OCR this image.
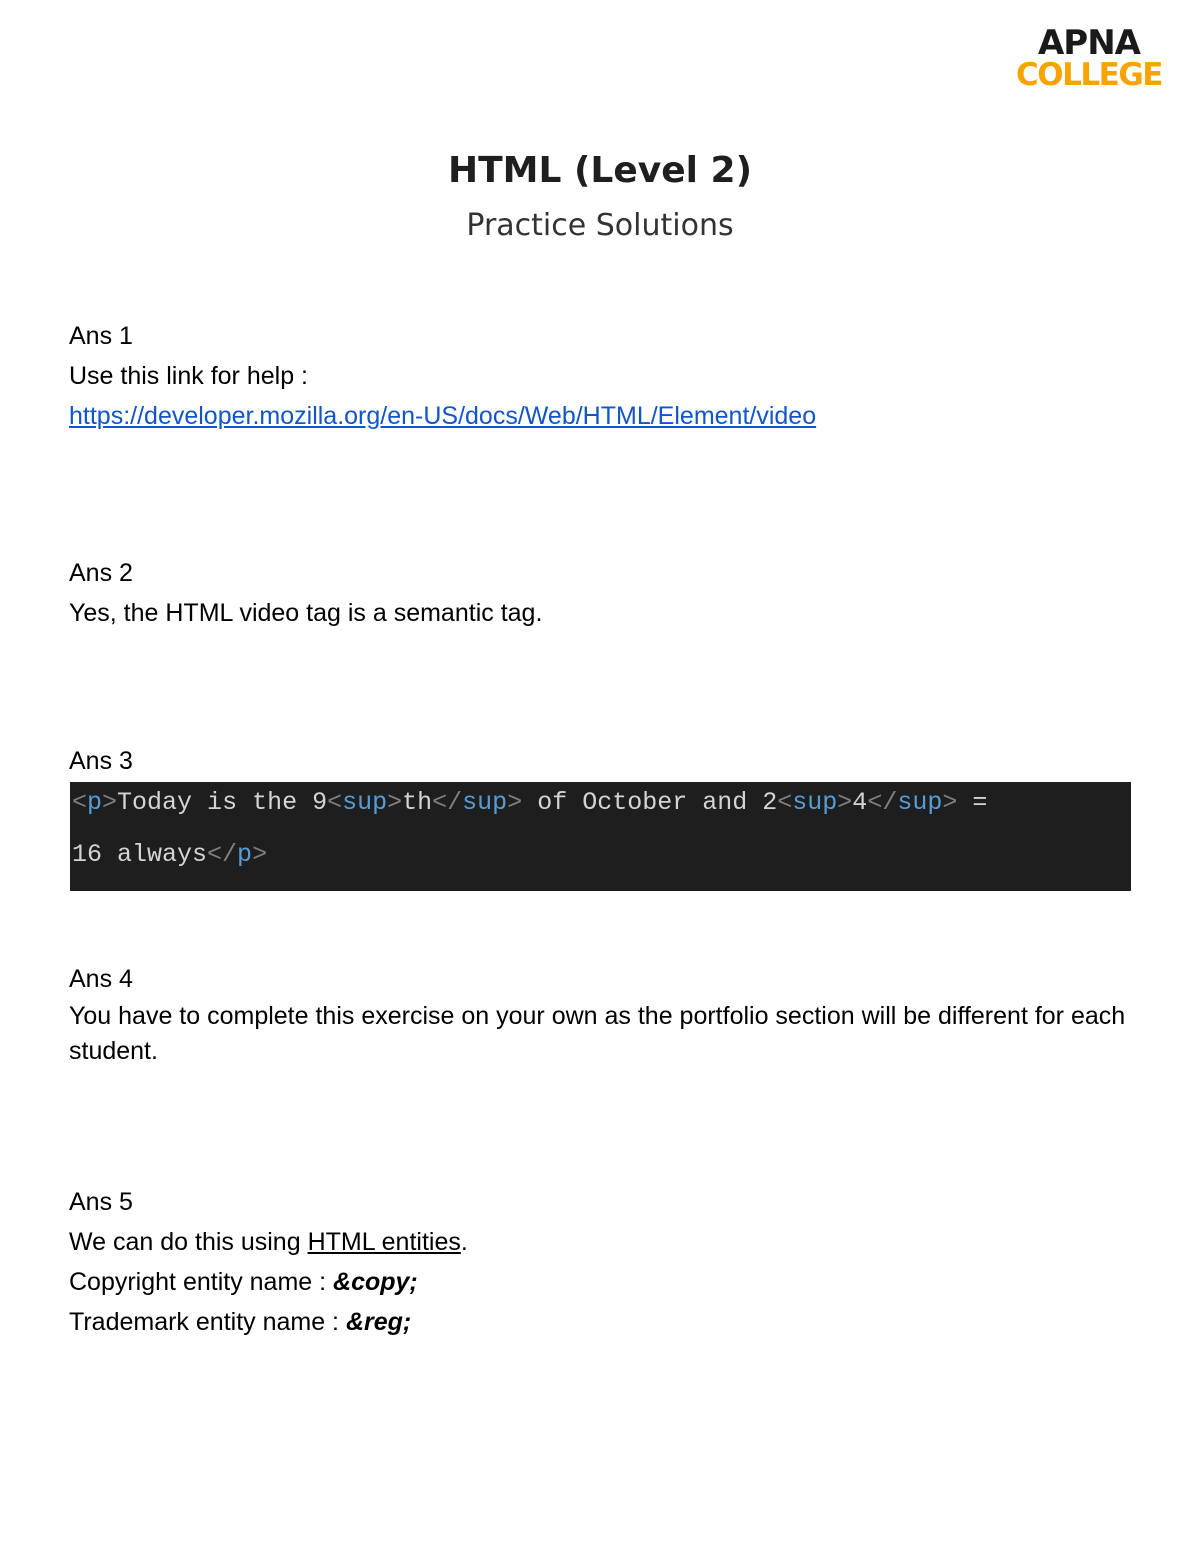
APNA
COLLEGE
HTML (Level 2)
Practice Solutions
Ans 1
Use this link for help :
https://developer.mozilla.org/en-US/docs/Web/HTML/Element/video
Ans 2
Yes, the HTML video tag is a semantic tag.
Ans 3
<p>Today is the 9<sup>th</sup> of October and 2<sup>4</sup> =
16 always</p>
Ans 4
You have to complete this exercise on your own as the portfolio section will be different for each student.
Ans 5
We can do this using HTML entities.
Copyright entity name : &copy;
Trademark entity name : &reg;
